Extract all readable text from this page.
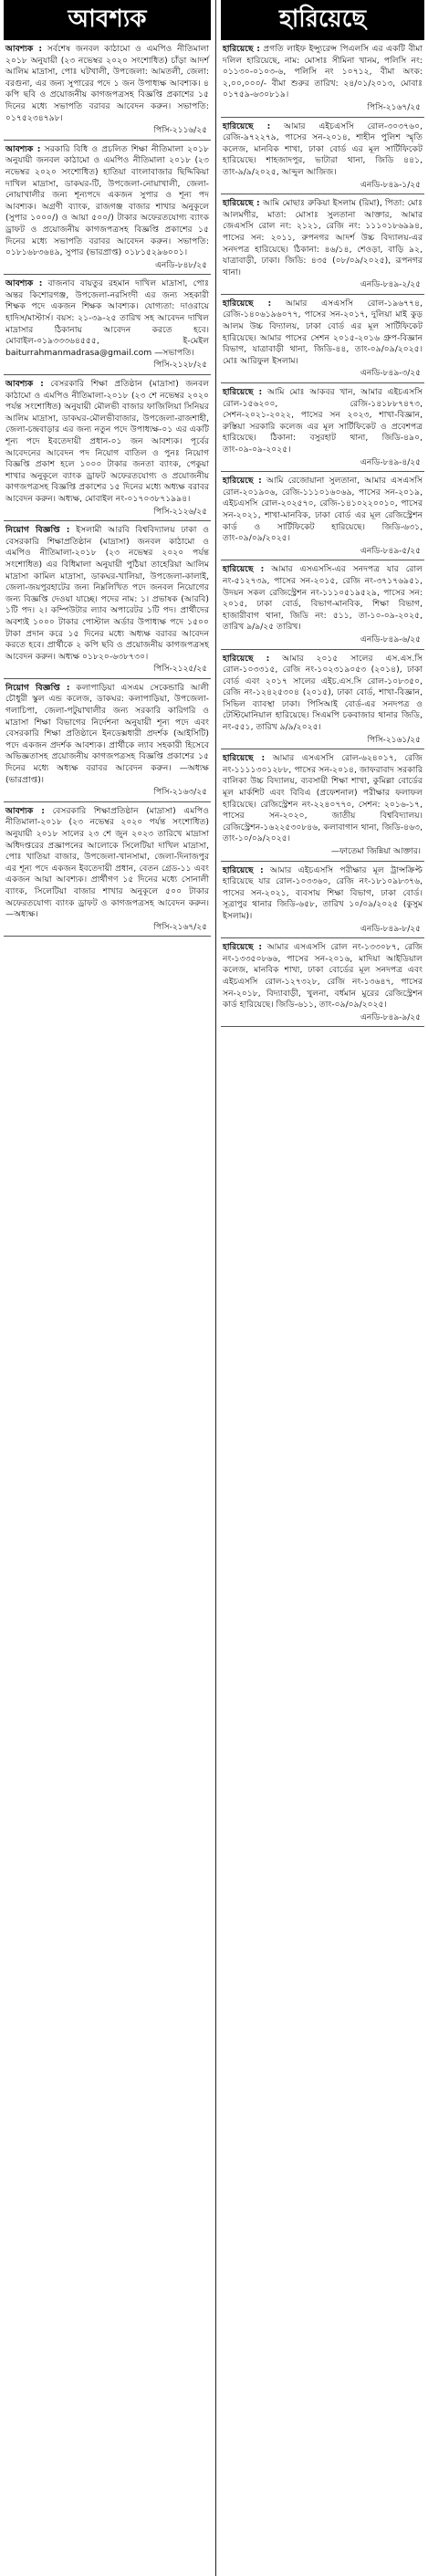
আবশ্যক
আবশ্যক : সর্বশেষ জনবল কাঠামো ও এমপিও নীতিমালা ২০১৮ অনুযায়ী (২৩ নভেম্বর ২০২০ সংশোধিত) চাঁড়া আদর্শ আলিম মাদ্রাসা, পোঃ ঘটখালী, উপজেলা: আমতলী, জেলা: বরগুনা, এর জন্য সুপারের পদে ১ জন উপাধ্যক্ষ আবশ্যক। ৪ কপি ছবি ও প্রয়োজনীয় কাগজপত্রসহ বিজ্ঞপ্তি প্রকাশের ১৫ দিনের মধ্যে সভাপতি বরাবর আবেদন করুন। সভাপতি: ০১৭৫২৩৪৭৯৮।
পিসি-২১১৬/২৫
আবশ্যক : সরকারি বিধি ও প্রচলিত শিক্ষা নীতিমালা ২০১৮ অনুযায়ী জনবল কাঠামো ও এমপিও নীতিমালা ২০১৮ (২৩ নভেম্বর ২০২০ সংশোধিত) হাতিয়া বাংলাবাজার ছিদ্দিকিয়া দাখিল মাদ্রাসা, ডাকঘর-টি, উপজেলা-নোয়াখালী, জেলা-নোয়াখালীর জন্য শূন্যপদে একজন সুপার ও শূন্য পদ আবশ্যক। অগ্রণী ব্যাংক, রাজগঞ্জ বাজার শাখার অনুকূলে (সুপার ১০০০/) ও আয়া ৫০০/) টাকার অফেরতযোগ্য ব্যাংক ড্রাফট ও প্রয়োজনীয় কাগজপত্রসহ বিজ্ঞপ্তি প্রকাশের ১৫ দিনের মধ্যে সভাপতি বরাবর আবেদন করুন। সভাপতি: ০১৮১৬৮৩৬৪৯, সুপার (ভারপ্রাপ্ত) ০১৮১৫২৯৬০০১।
এনডি-৮৪৮/২৫
আবশ্যক : বাজনাব বায়তুর রহমান দাখিল মাদ্রাসা, পোঃ অন্তর কিশোরগঞ্জ, উপজেলা-নরসিংদী এর জন্য সহকারী শিক্ষক পদে একজন শিক্ষক আবশ্যক। যোগ্যতা: দাওরায়ে হাদিস/মাস্টার্স। বয়স: ২১-৩৯-২৫ তারিখ সহ আবেদন দাখিল মাদ্রাসার ঠিকানায় আবেদন করতে হবে। মোবাইল-০১৯৩৩৩৬৪৫৫৫, ই-মেইল baiturrahmanmadrasa@gmail.com —সভাপতি।
পিসি-২১২৮/২৫
আবশ্যক : বেসরকারি শিক্ষা প্রতিষ্ঠান (মাদ্রাসা) জনবল কাঠামো ও এমপিও নীতিমালা-২০১৮ (২৩ শে নভেম্বর ২০২০ পর্যন্ত সংশোধিত) অনুযায়ী মৌলভী বাজার ফাজিলিয়া সিনিয়র আলিম মাদ্রাসা, ডাকঘর-মৌলভীবাজার, উপজেলা-রাজশাহী, জেলা-চন্দ্রবাড়ার এর জন্য নতুন পদে উপাধ্যক্ষ-০১ এর একটি শূন্য পদে ইবতেদায়ী প্রধান-০১ জন আবশ্যক। পূর্বের আবেদনের আবেদন পদ নিয়োগ বাতিল ও পুনঃ নিয়োগ বিজ্ঞপ্তি প্রকাশ হলে ১০০০ টাকার জনতা ব্যাংক, পেকুয়া শাখার অনুকূলে ব্যাংক ড্রাফট অফেরতযোগ্য ও প্রয়োজনীয় কাগজপত্রসহ বিজ্ঞপ্তি প্রকাশের ১৫ দিনের মধ্যে অধ্যক্ষ বরাবর আবেদন করুন। অধ্যক্ষ, মোবাইল নং-০১৭০৩৮৭১৯৯৪।
পিসি-২১২৬/২৫
নিয়োগ বিজ্ঞপ্তি : ইসলামী আরবি বিশ্ববিদ্যালয় ঢাকা ও বেসরকারি শিক্ষাপ্রতিষ্ঠান (মাদ্রাসা) জনবল কাঠামো ও এমপিও নীতিমালা-২০১৮ (২৩ নভেম্বর ২০২০ পর্যন্ত সংশোধিত) এর বিধিমালা অনুযায়ী পুঠিয়া তাহেরিয়া আলিম মাদ্রাসা কামিল মাদ্রাসা, ডাকঘর-খালিয়া, উপজেলা-কালাই, জেলা-জয়পুরহাটের জন্য নিম্নলিখিত পদে জনবল নিয়োগের জন্য বিজ্ঞপ্তি দেওয়া যাচ্ছে। পদের নাম: ১। প্রভাষক (আরবি) ১টি পদ। ২। কম্পিউটার ল্যাব অপারেটর ১টি পদ। প্রার্থীদের অবশ্যই ১০০০ টাকার পোস্টাল অর্ডার উপাধ্যক্ষ পদে ১৫০০ টাকা প্রদান করে ১৫ দিনের মধ্যে অধ্যক্ষ বরাবর আবেদন করতে হবে। প্রার্থীকে ২ কপি ছবি ও প্রয়োজনীয় কাগজপত্রসহ আবেদন করুন। অধ্যক্ষ ০১৮২০-৬৩৮৭৩০।
পিসি-২১২৫/২৫
নিয়োগ বিজ্ঞপ্তি : কলাপাড়িয়া এসএম সেকেন্ডারি আলী চৌধুরী স্কুল এন্ড কলেজ, ডাকঘর: কলাপাড়িয়া, উপজেলা-গলাচিপা, জেলা-পটুয়াখালীর জন্য সরকারি কারিগরি ও মাদ্রাসা শিক্ষা বিভাগের নির্দেশনা অনুযায়ী শূন্য পদে এবং বেসরকারি শিক্ষা প্রতিষ্ঠানে ইনডেক্সধারী প্রদর্শক (আইসিটি) পদে একজন প্রদর্শক আবশ্যক। প্রার্থীকে ল্যাব সহকারী হিসেবে অভিজ্ঞতাসহ প্রয়োজনীয় কাগজপত্রসহ বিজ্ঞপ্তি প্রকাশের ১৫ দিনের মধ্যে অধ্যক্ষ বরাবর আবেদন করুন। —অধ্যক্ষ (ভারপ্রাপ্ত)।
পিসি-২১৬৩/২৫
আবশ্যক : বেসরকারি শিক্ষাপ্রতিষ্ঠান (মাদ্রাসা) এমপিও নীতিমালা-২০১৮ (২৩ নভেম্বর ২০২০ পর্যন্ত সংশোধিত) অনুযায়ী ২০১৮ সালের ২৩ শে জুন ২০২৩ তারিখে মাদ্রাসা অধিদপ্তরের প্রজ্ঞাপনের আলোকে সিলেটিয়া দাখিল মাদ্রাসা, পোঃ খাতিয়া বাজার, উপজেলা-খানসামা, জেলা-দিনাজপুর এর শূন্য পদে একজন ইবতেদায়ী প্রধান, বেতন গ্রেড-১১ এবং একজন আয়া আবশ্যক। প্রার্থীগণ ১৫ দিনের মধ্যে সোনালী ব্যাংক, সিলেটিয়া বাজার শাখার অনুকূলে ৫০০ টাকার অফেরতযোগ্য ব্যাংক ড্রাফট ও কাগজপত্রসহ আবেদন করুন। —অধ্যক্ষ।
পিসি-২১৬৭/২৫
হারিয়েছে
হারিয়েছে : প্রগতি লাইফ ইন্স্যুরেন্স পিএলসি এর একটি বীমা দলিল হারিয়েছে, নাম: মোসাঃ সীমিনা খানম, পলিসি নং: ০১১৩০-০১০৩-৬, পলিসি নং ১০৭১২, বীমা অংক: ২,০০,০০০/- বীমা শুরুর তারিখ: ২৪/০১/২০১৩, মোবাঃ ০১৭৫৯-৬৩০৮১৯।
পিসি-২১৬৭/২৫
হারিয়েছে : আমার এইচএসসি রোল-৩০৩৭৬০, রেজি-৯৭২২৭৯, পাসের সন-২০১৪, শাহীন পুলিশ স্মৃতি কলেজ, মানবিক শাখা, ঢাকা বোর্ড এর মূল সার্টিফিকেট হারিয়েছে। শাহজাদপুর, ভাটারা থানা, জিডি ৪৪১, তাং-৯/৯/২০২৫, আব্দুল আজিজ।
এনডি-৮৪৯-১/২৫
হারিয়েছে : আমি মোছাঃ রুকিয়া ইসলাম (রিমা), পিতা: মোঃ আলমগীর, মাতা: মোসাঃ সুলতানা আক্তার, আমার জেএসসি রোল নং: ২১২১, রেজি নং: ১১১০১৮৬৯৯৪, পাসের সন: ২০১১, রুপনগর আদর্শ উচ্চ বিদ্যালয়-এর সনদপত্র হারিয়েছে। ঠিকানা: ৪৬/১৪, শেওড়া, বাড়ি ৯২, যাত্রাবাড়ী, ঢাকা। জিডি: ৪৩৫ (০৮/০৯/২০২৫), রূপনগর থানা।
এনডি-৮৪৯-২/২৫
হারিয়েছে : আমার এসএসসি রোল-১৯৬৭৭৪, রেজি-১৪০৬১৯৬০৭৭, পাসের সন-২০১৭, দুলিয়া মাই কুড় আলম উচ্চ বিদ্যালয়, ঢাকা বোর্ড এর মূল সার্টিফিকেট হারিয়েছে। আমার পাসের সেশন ২০১৫-২০১৬ গ্রুপ-বিজ্ঞান বিভাগ, যাত্রাবাড়ী থানা, জিডি-৪৪, তাং-০৯/০৯/২০২৫। মোঃ আরিফুল ইসলাম।
এনডি-৮৪৯-৩/২৫
হারিয়েছে : আমি মোঃ আকবর খান, আমার এইচএসসি রোল-১৫৬২০০, রেজি-১৪১৮৮৭৪৭৩, সেশন-২০২১-২০২২, পাসের সন ২০২৩, শাখা-বিজ্ঞান, রুস্তিয়া সরকারি কলেজ এর মূল সার্টিফিকেট ও প্রবেশপত্র হারিয়েছে। ঠিকানা: বসুরহাট থানা, জিডি-৪৯০, তাং-০৯-০৯-২০২৫।
এনডি-৮৪৯-৪/২৫
হারিয়েছে : আমি রেজোয়ানা সুলতানা, আমার এসএসসি রোল-২০১৯০৬, রেজি-১১১০১৬০৬৯, পাসের সন-২০১৯, এইচএসসি রোল-২০২৫৭০, রেজি-১৪১০২২০০১০, পাসের সন-২০২১, শাখা-মানবিক, ঢাকা বোর্ড এর মূল রেজিস্ট্রেশন কার্ড ও সার্টিফিকেট হারিয়েছে। জিডি-৬৩১, তাং-০৯/০৯/২০২৫।
এনডি-৮৪৯-৫/২৫
হারিয়েছে : আমার এসএসসি-এর সনদপত্র যার রোল নং-৫১২৭৩৯, পাসের সন-২০১৫, রেজি নং-৩৭১৭৬৯৫১, উদয়ন সকল রেজিস্ট্রেশন নং-১১১০৫১৯৫২৯, পাসের সন: ২০১৫, ঢাকা বোর্ড, বিভাগ-মানবিক, শিক্ষা বিভাগ, হাজারীবাগ থানা, জিডি নং: ৫১১, তা-১০-০৯-২০২৫, তারিখ ৯/৯/২৫ তারিখ।
এনডি-৮৪৯-৬/২৫
হারিয়েছে : আমার ২০১৫ সালের এস.এস.সি রোল-১০৩৩১৫, রেজি নং-১০২৩১৯০৫৩ (২০১৪), ঢাকা বোর্ড এবং ২০১৭ সালের এইচ.এস.সি রোল-১০৮৩৫০, রেজি নং-১২৪২৫৩০৪ (২০১৫), ঢাকা বোর্ড, শাখা-বিজ্ঞান, সিভিল ব্যাবস্থা ঢাকা। পিসিআই বোর্ড-এর সনদপত্র ও টেস্টিমোনিয়াল হারিয়েছে। সিএমপি চকবাজার থানার জিডি, নং-৫৫১, তারিখ ৯/৯/২০২৫।
পিসি-২১৬১/২৫
হারিয়েছে : আমার এসএসসি রোল-৬২৪০১৭, রেজি নং-১১১১৩০১২৮৮, পাসের সন-২০১৪, জাফরাবাদ সরকারি বালিকা উচ্চ বিদ্যালয়, ব্যবসায়ী শিক্ষা শাখা, কুমিল্লা বোর্ডের মূল মার্কশিট এবং বিবিএ (প্রফেশনাল) পরীক্ষার ফলাফল হারিয়েছে। রেজিস্ট্রেশন নং-২২৪০৭৭০, সেশন: ২০১৬-১৭, পাসের সন-২০২০, জাতীয় বিশ্ববিদ্যালয়। রেজিস্ট্রেশন-১৬২২৫৩০৮৪৬, কলাবাগান থানা, জিডি-৪৬৩, তাং-১০/০৯/২০২৫।
—ফাতেমা জিন্নিয়া আক্তার।
হারিয়েছে : আমার এইচএসসি পরীক্ষার মূল ট্রান্সক্রিপ্ট হারিয়েছে যার রোল-১০৩৩৬০, রেজি নং-১৮১০৯৮৩৭৬, পাসের সন-২০২১, ব্যবসায় শিক্ষা বিভাগ, ঢাকা বোর্ড। সূত্রাপুর থানার জিডি-৬৫৮, তারিখ ১০/০৯/২০২৫ (কুসুম ইসলাম)।
এনডি-৮৪৯-৮/২৫
হারিয়েছে : আমার এসএসসি রোল নং-১৩৩০৮৭, রেজি নং-১৩৩৫০৮৬৬, পাসের সন-২০১৬, মাদিয়া আইডিয়াল কলেজ, মানবিক শাখা, ঢাকা বোর্ডের মূল সনদপত্র এবং এইচএসসি রোল-১২৭৩২৮, রেজি নং-১৩৬৪৭, পাসের সন-২০১৮, বিদ্যাবাড়ী, খুলনা, বর্ধমান মুরের রেজিস্ট্রেশন কার্ড হারিয়েছে। জিডি-৬১১, তাং-০৯/০৯/২০২৫।
এনডি-৮৪৯-৯/২৫
